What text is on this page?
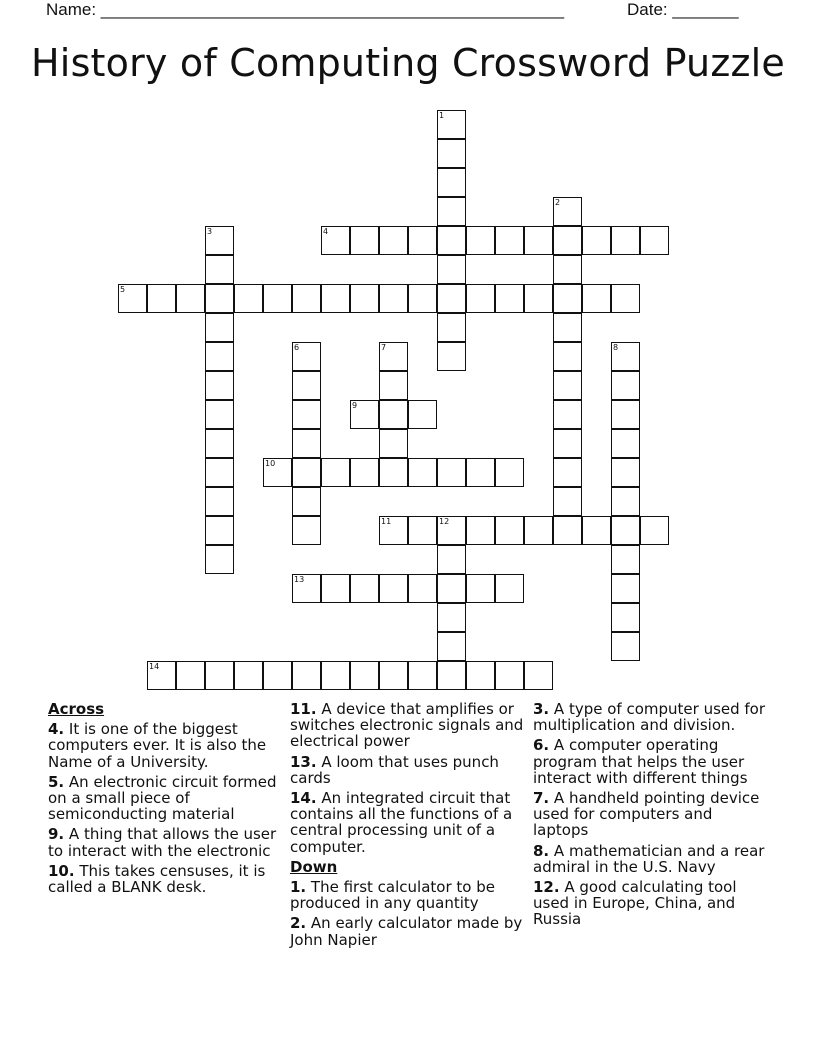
Name: _________________________________________________	Date: _______
History of Computing Crossword Puzzle
1
2
3	4
5
6	7	8
9
10
11	12
13
14
Across
4. It is one of the biggest computers ever. It is also the Name of a University.
5. An electronic circuit formed on a small piece of semiconducting material
9. A thing that allows the user to interact with the electronic
10. This takes censuses, it is called a BLANK desk.
11. A device that amplifies or switches electronic signals and electrical power
13. A loom that uses punch cards
14. An integrated circuit that contains all the functions of a central processing unit of a computer.
Down
1. The first calculator to be produced in any quantity
2. An early calculator made by John Napier
3. A type of computer used for multiplication and division.
6. A computer operating program that helps the user interact with different things
7. A handheld pointing device used for computers and laptops
8. A mathematician and a rear admiral in the U.S. Navy
12. A good calculating tool used in Europe, China, and Russia
